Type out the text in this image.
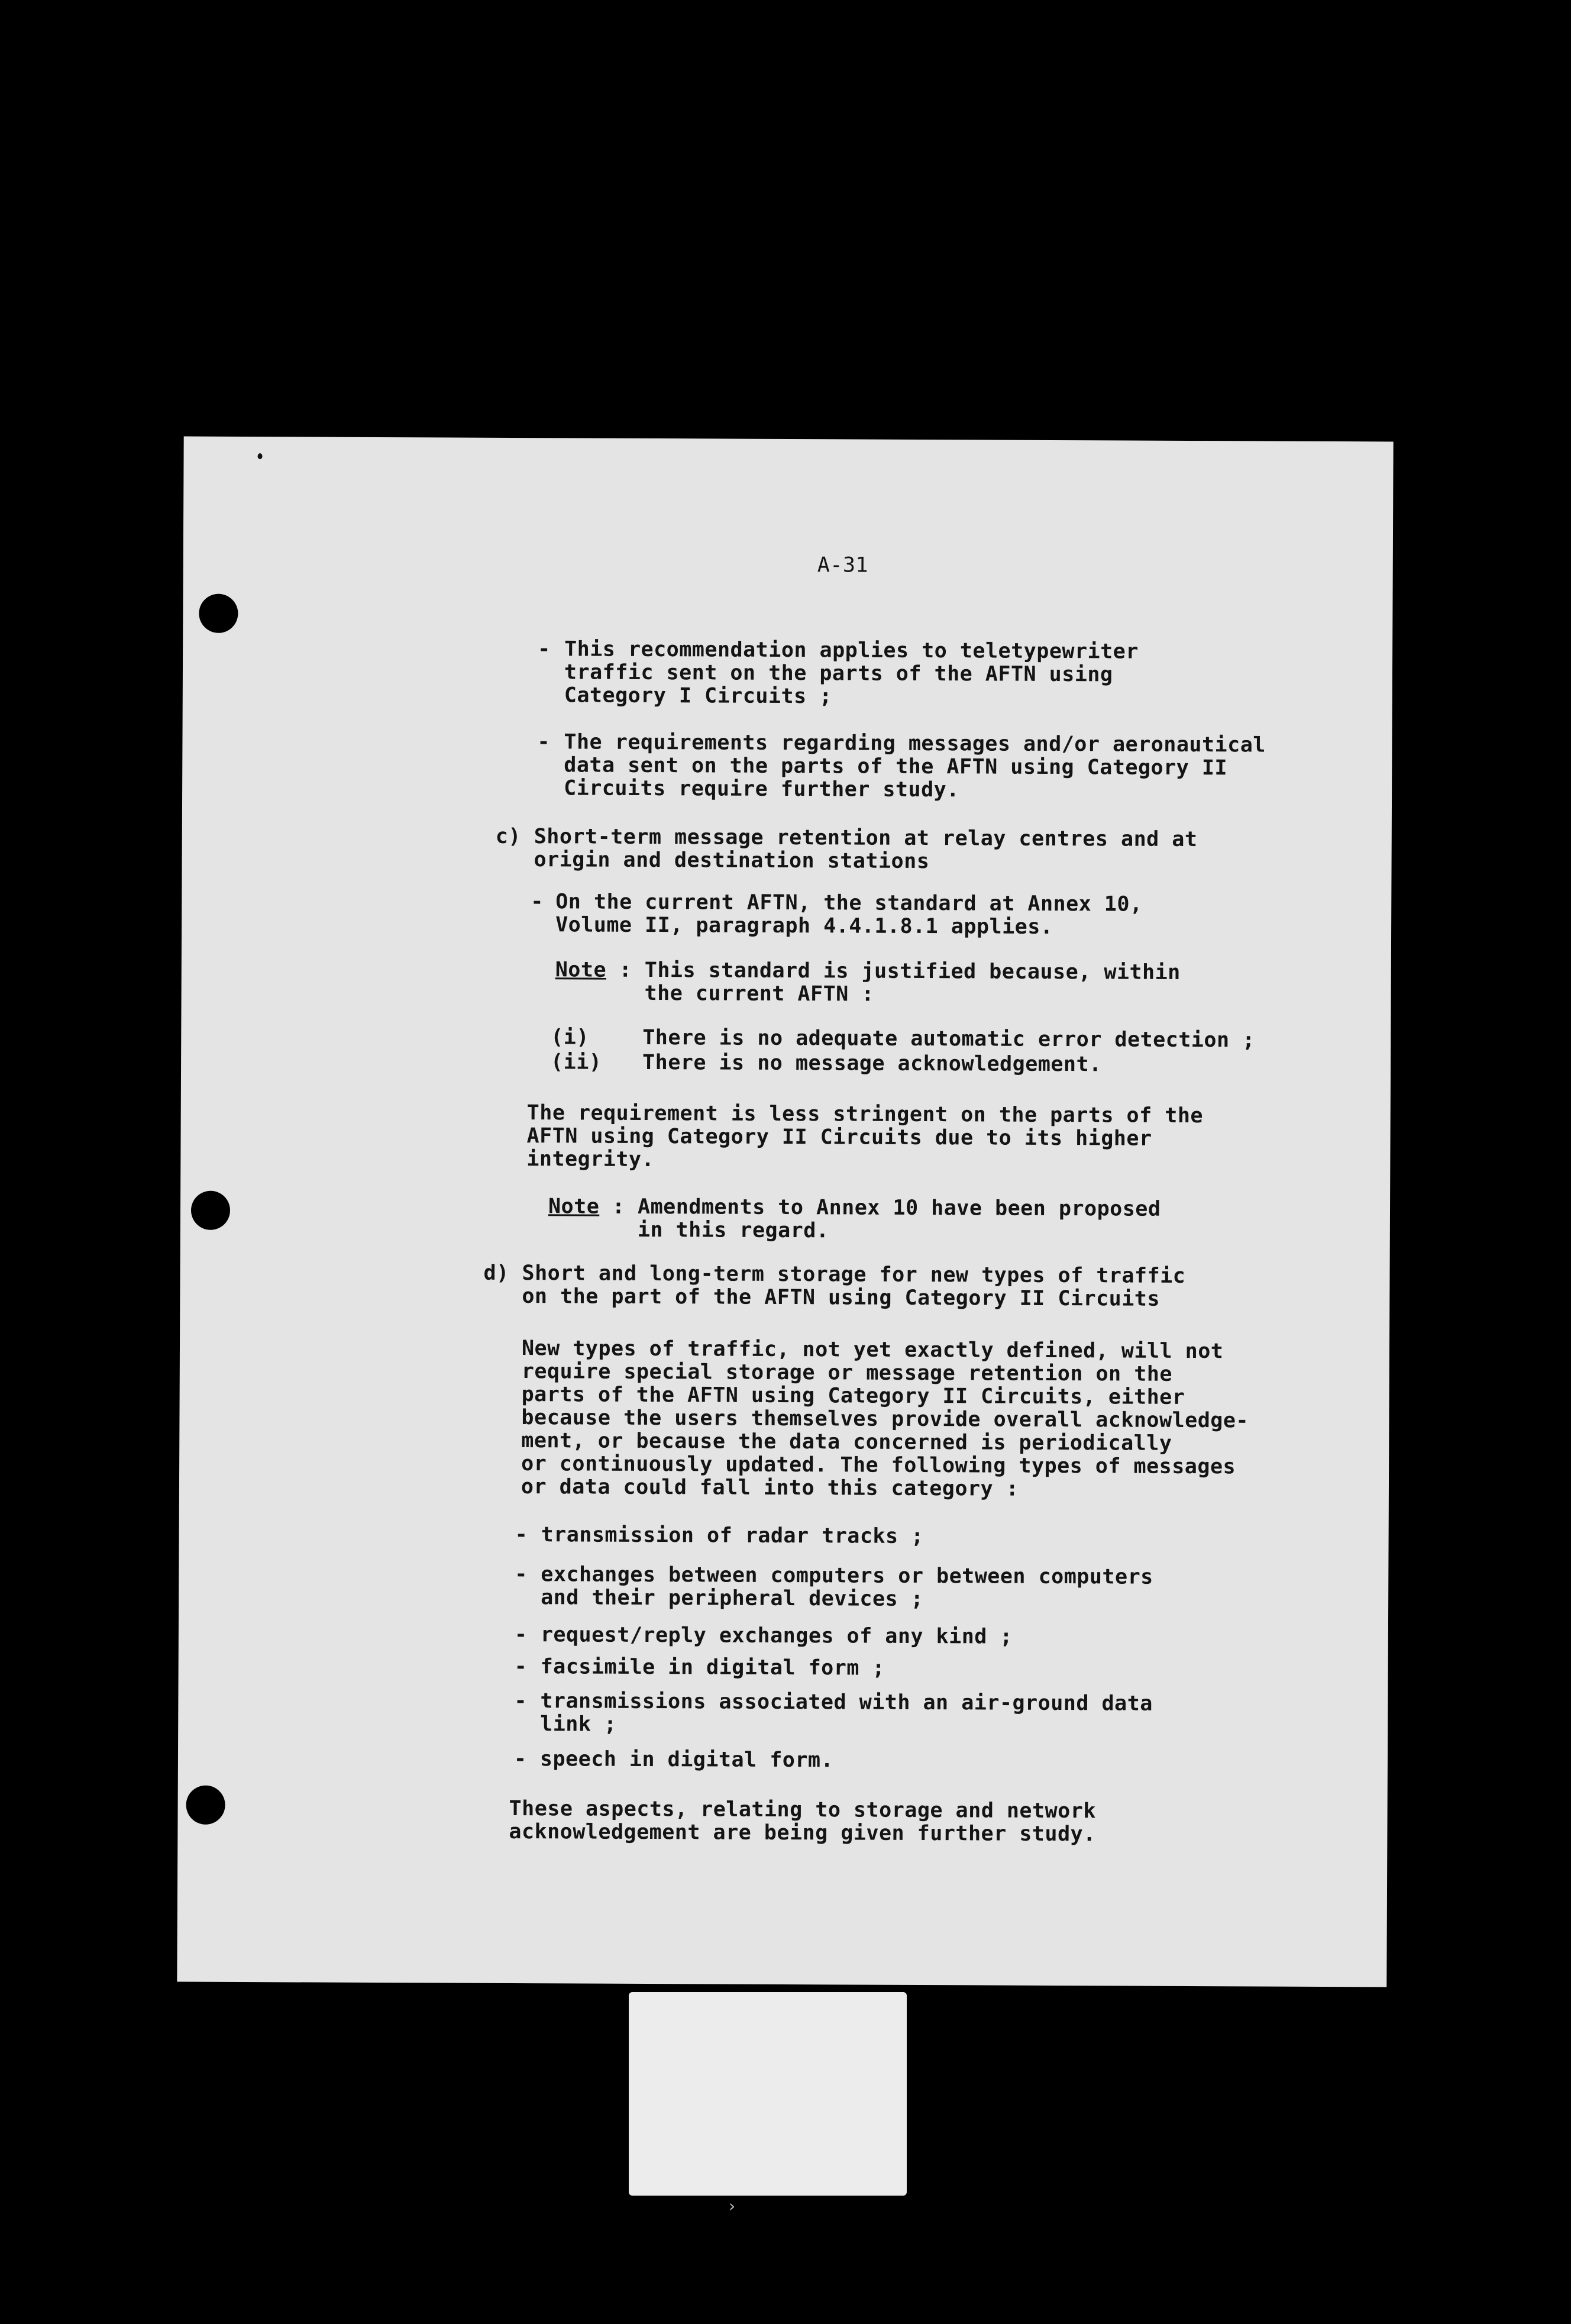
A-31
- This recommendation applies to teletypewriter
traffic sent on the parts of the AFTN using
Category I Circuits ;
- The requirements regarding messages and/or aeronautical
data sent on the parts of the AFTN using Category II
Circuits require further study.
c) Short-term message retention at relay centres and at
origin and destination stations
- On the current AFTN, the standard at Annex 10,
Volume II, paragraph 4.4.1.8.1 applies.
Note : This standard is justified because, within
the current AFTN :
(i)	There is no adequate automatic error detection ;
(ii) There is no message acknowledgement.
The requirement is less stringent on the parts of the
AFTN using Category II Circuits due to its higher
integrity.
Note : Amendments to Annex 10 have been proposed
in this regard.
d) Short and long-term storage for new types of traffic
on the part of the AFTN using Category II Circuits
New types of traffic, not yet exactly defined, will not
require special storage or message retention on the
parts of the AFTN using Category II Circuits, either
because the users themselves provide overall acknowledge-
ment, or because the data concerned is periodically
or continuously updated. The following types of messages
or data could fall into this category :
- transmission of radar tracks ;
- exchanges between computers or between computers
and their peripheral devices ;
- request/reply exchanges of any kind ;
- facsimile in digital form ;
- transmissions associated with an air-ground data
link ;
- speech in digital form.
These aspects, relating to storage and network
acknowledgement are being given further study.
›
